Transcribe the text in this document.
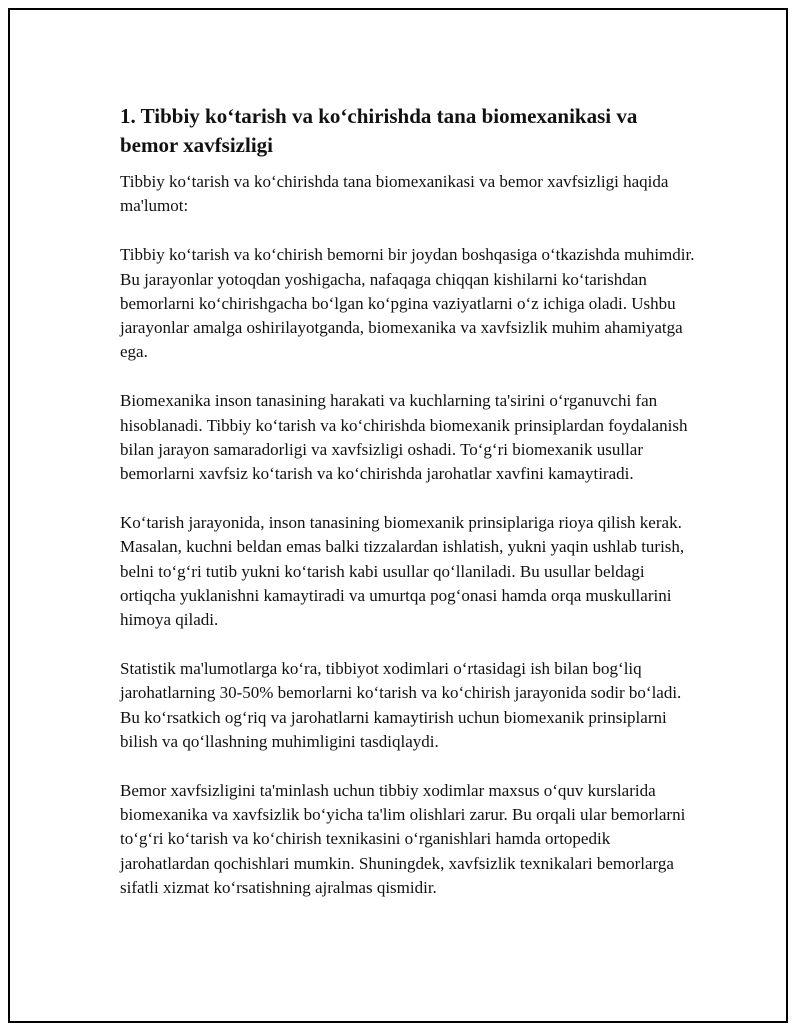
1. Tibbiy ko‘tarish va ko‘chirishda tana biomexanikasi va bemor xavfsizligi

Tibbiy ko‘tarish va ko‘chirishda tana biomexanikasi va bemor xavfsizligi haqida ma'lumot:

Tibbiy ko‘tarish va ko‘chirish bemorni bir joydan boshqasiga o‘tkazishda muhimdir. Bu jarayonlar yotoqdan yoshigacha, nafaqaga chiqqan kishilarni ko‘tarishdan bemorlarni ko‘chirishgacha bo‘lgan ko‘pgina vaziyatlarni o‘z ichiga oladi. Ushbu jarayonlar amalga oshirilayotganda, biomexanika va xavfsizlik muhim ahamiyatga ega.

Biomexanika inson tanasining harakati va kuchlarning ta'sirini o‘rganuvchi fan hisoblanadi. Tibbiy ko‘tarish va ko‘chirishda biomexanik prinsiplardan foydalanish bilan jarayon samaradorligi va xavfsizligi oshadi. To‘g‘ri biomexanik usullar bemorlarni xavfsiz ko‘tarish va ko‘chirishda jarohatlar xavfini kamaytiradi.

Ko‘tarish jarayonida, inson tanasining biomexanik prinsiplariga rioya qilish kerak. Masalan, kuchni beldan emas balki tizzalardan ishlatish, yukni yaqin ushlab turish, belni to‘g‘ri tutib yukni ko‘tarish kabi usullar qo‘llaniladi. Bu usullar beldagi ortiqcha yuklanishni kamaytiradi va umurtqa pog‘onasi hamda orqa muskullarini himoya qiladi.

Statistik ma'lumotlarga ko‘ra, tibbiyot xodimlari o‘rtasidagi ish bilan bog‘liq jarohatlarning 30-50% bemorlarni ko‘tarish va ko‘chirish jarayonida sodir bo‘ladi. Bu ko‘rsatkich og‘riq va jarohatlarni kamaytirish uchun biomexanik prinsiplarni bilish va qo‘llashning muhimligini tasdiqlaydi.

Bemor xavfsizligini ta'minlash uchun tibbiy xodimlar maxsus o‘quv kurslarida biomexanika va xavfsizlik bo‘yicha ta'lim olishlari zarur. Bu orqali ular bemorlarni to‘g‘ri ko‘tarish va ko‘chirish texnikasini o‘rganishlari hamda ortopedik jarohatlardan qochishlari mumkin. Shuningdek, xavfsizlik texnikalari bemorlarga sifatli xizmat ko‘rsatishning ajralmas qismidir.
